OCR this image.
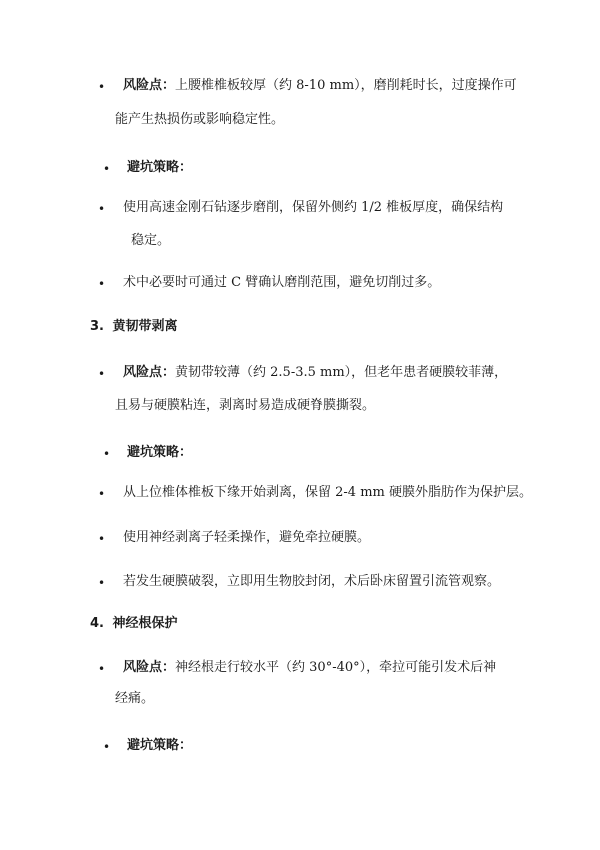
• 风险点：上腰椎椎板较厚（约 8-10 mm），磨削耗时长，过度操作可
能产生热损伤或影响稳定性。
• 避坑策略：
• 使用高速金刚石钻逐步磨削，保留外侧约 1/2 椎板厚度，确保结构
稳定。
• 术中必要时可通过 C 臂确认磨削范围，避免切削过多。
3. 黄韧带剥离
• 风险点：黄韧带较薄（约 2.5-3.5 mm），但老年患者硬膜较菲薄，
且易与硬膜粘连，剥离时易造成硬脊膜撕裂。
• 避坑策略：
• 从上位椎体椎板下缘开始剥离，保留 2-4 mm 硬膜外脂肪作为保护层。
• 使用神经剥离子轻柔操作，避免牵拉硬膜。
• 若发生硬膜破裂，立即用生物胶封闭，术后卧床留置引流管观察。
4. 神经根保护
• 风险点：神经根走行较水平（约 30°-40°），牵拉可能引发术后神
经痛。
• 避坑策略：
